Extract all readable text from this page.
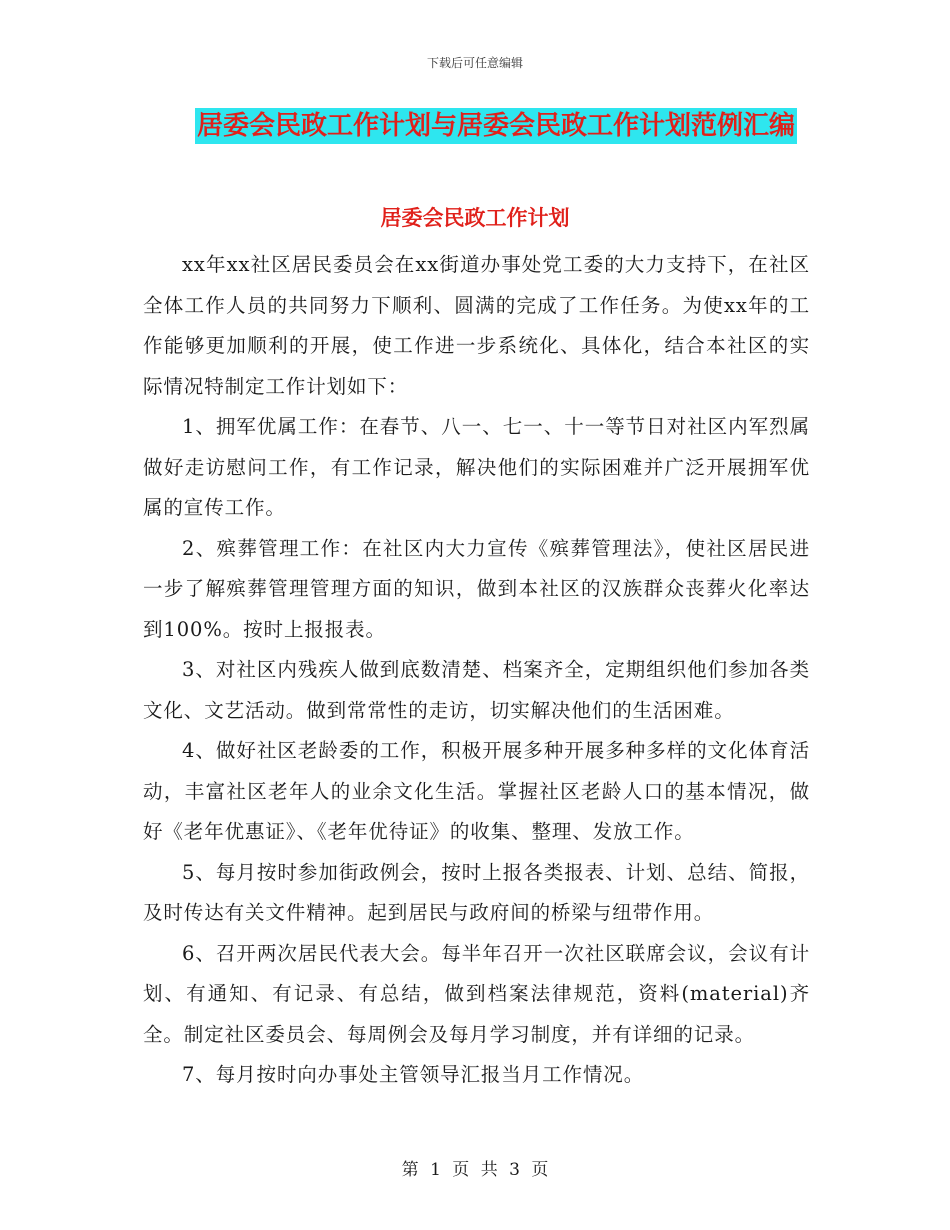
下载后可任意编辑
居委会民政工作计划与居委会民政工作计划范例汇编
居委会民政工作计划

xx年xx社区居民委员会在xx街道办事处党工委的大力支持下，在社区全体工作人员的共同努力下顺利、圆满的完成了工作任务。为使xx年的工作能够更加顺利的开展，使工作进一步系统化、具体化，结合本社区的实际情况特制定工作计划如下：

1、拥军优属工作：在春节、八一、七一、十一等节日对社区内军烈属做好走访慰问工作，有工作记录，解决他们的实际困难并广泛开展拥军优属的宣传工作。

2、殡葬管理工作：在社区内大力宣传《殡葬管理法》，使社区居民进一步了解殡葬管理管理方面的知识，做到本社区的汉族群众丧葬火化率达到100%。按时上报报表。

3、对社区内残疾人做到底数清楚、档案齐全，定期组织他们参加各类文化、文艺活动。做到常常性的走访，切实解决他们的生活困难。

4、做好社区老龄委的工作，积极开展多种开展多种多样的文化体育活动，丰富社区老年人的业余文化生活。掌握社区老龄人口的基本情况，做好《老年优惠证》、《老年优待证》的收集、整理、发放工作。

5、每月按时参加街政例会，按时上报各类报表、计划、总结、简报，及时传达有关文件精神。起到居民与政府间的桥梁与纽带作用。

6、召开两次居民代表大会。每半年召开一次社区联席会议，会议有计划、有通知、有记录、有总结，做到档案法律规范，资料(material)齐全。制定社区委员会、每周例会及每月学习制度，并有详细的记录。

7、每月按时向办事处主管领导汇报当月工作情况。

第 1 页 共 3 页
